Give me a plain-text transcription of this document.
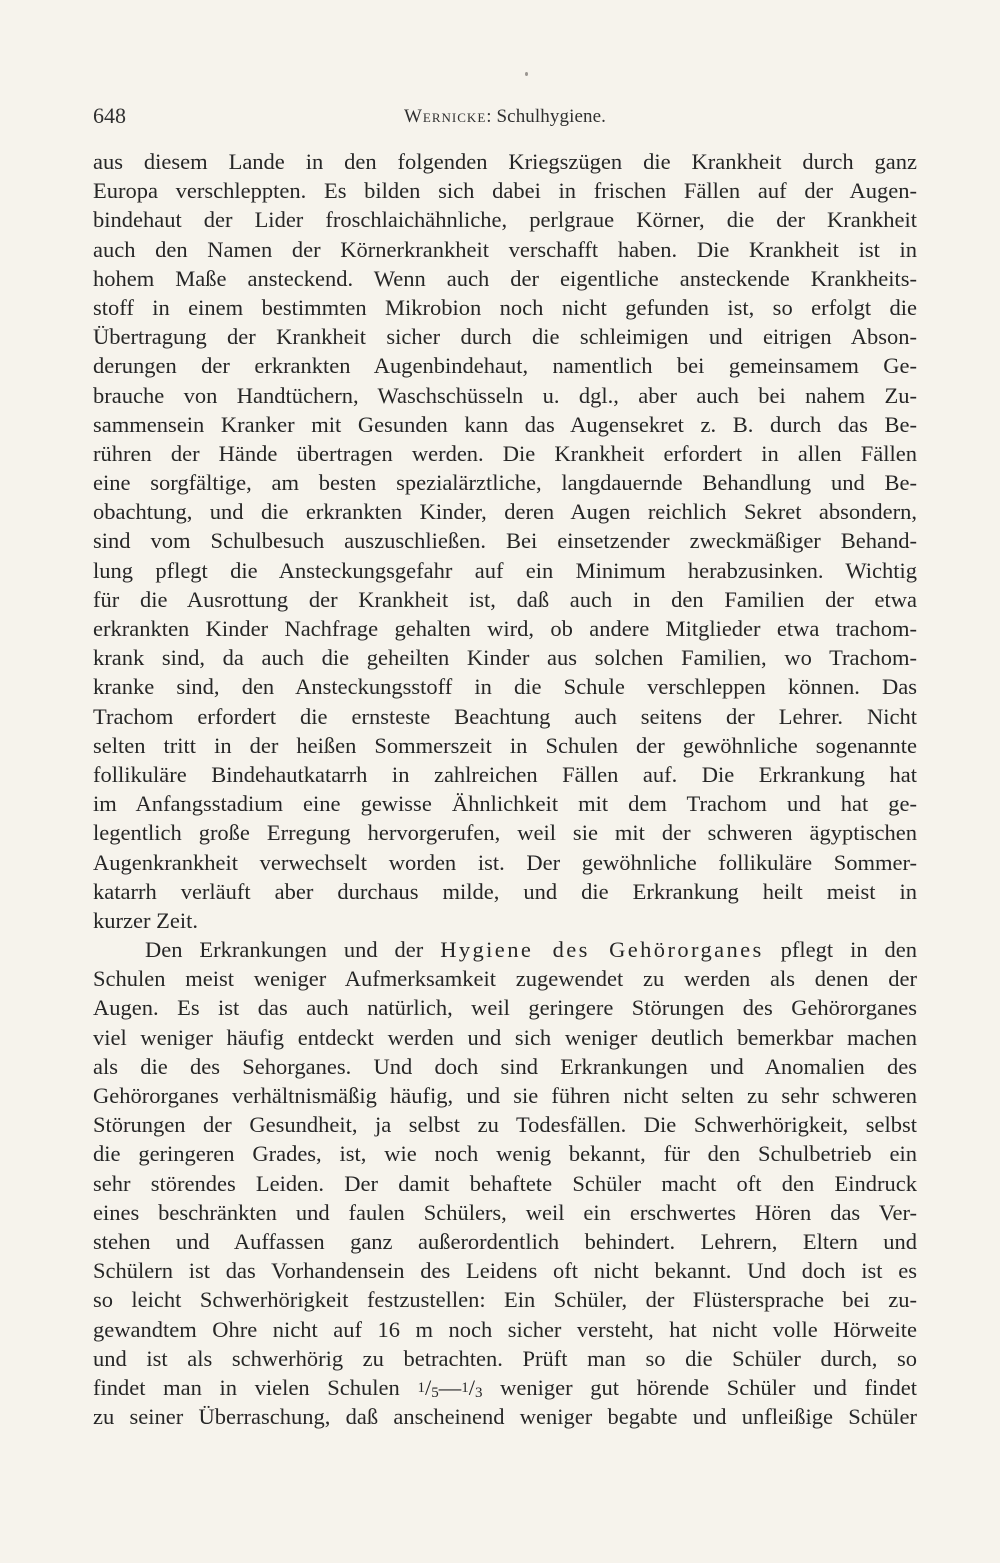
648	Wernicke: Schulhygiene.
aus diesem Lande in den folgenden Kriegszügen die Krankheit durch ganz
Europa verschleppten. Es bilden sich dabei in frischen Fällen auf der Augen-
bindehaut der Lider froschlaichähnliche, perlgraue Körner, die der Krankheit
auch den Namen der Körnerkrankheit verschafft haben. Die Krankheit ist in
hohem Maße ansteckend. Wenn auch der eigentliche ansteckende Krankheits-
stoff in einem bestimmten Mikrobion noch nicht gefunden ist, so erfolgt die
Übertragung der Krankheit sicher durch die schleimigen und eitrigen Abson-
derungen der erkrankten Augenbindehaut, namentlich bei gemeinsamem Ge-
brauche von Handtüchern, Waschschüsseln u. dgl., aber auch bei nahem Zu-
sammensein Kranker mit Gesunden kann das Augensekret z. B. durch das Be-
rühren der Hände übertragen werden. Die Krankheit erfordert in allen Fällen
eine sorgfältige, am besten spezialärztliche, langdauernde Behandlung und Be-
obachtung, und die erkrankten Kinder, deren Augen reichlich Sekret absondern,
sind vom Schulbesuch auszuschließen. Bei einsetzender zweckmäßiger Behand-
lung pflegt die Ansteckungsgefahr auf ein Minimum herabzusinken. Wichtig
für die Ausrottung der Krankheit ist, daß auch in den Familien der etwa
erkrankten Kinder Nachfrage gehalten wird, ob andere Mitglieder etwa trachom-
krank sind, da auch die geheilten Kinder aus solchen Familien, wo Trachom-
kranke sind, den Ansteckungsstoff in die Schule verschleppen können. Das
Trachom erfordert die ernsteste Beachtung auch seitens der Lehrer. Nicht
selten tritt in der heißen Sommerszeit in Schulen der gewöhnliche sogenannte
follikuläre Bindehautkatarrh in zahlreichen Fällen auf. Die Erkrankung hat
im Anfangsstadium eine gewisse Ähnlichkeit mit dem Trachom und hat ge-
legentlich große Erregung hervorgerufen, weil sie mit der schweren ägyptischen
Augenkrankheit verwechselt worden ist. Der gewöhnliche follikuläre Sommer-
katarrh verläuft aber durchaus milde, und die Erkrankung heilt meist in
kurzer Zeit.
Den Erkrankungen und der Hygiene des Gehörorganes pflegt in den
Schulen meist weniger Aufmerksamkeit zugewendet zu werden als denen der
Augen. Es ist das auch natürlich, weil geringere Störungen des Gehörorganes
viel weniger häufig entdeckt werden und sich weniger deutlich bemerkbar machen
als die des Sehorganes. Und doch sind Erkrankungen und Anomalien des
Gehörorganes verhältnismäßig häufig, und sie führen nicht selten zu sehr schweren
Störungen der Gesundheit, ja selbst zu Todesfällen. Die Schwerhörigkeit, selbst
die geringeren Grades, ist, wie noch wenig bekannt, für den Schulbetrieb ein
sehr störendes Leiden. Der damit behaftete Schüler macht oft den Eindruck
eines beschränkten und faulen Schülers, weil ein erschwertes Hören das Ver-
stehen und Auffassen ganz außerordentlich behindert. Lehrern, Eltern und
Schülern ist das Vorhandensein des Leidens oft nicht bekannt. Und doch ist es
so leicht Schwerhörigkeit festzustellen: Ein Schüler, der Flüstersprache bei zu-
gewandtem Ohre nicht auf 16 m noch sicher versteht, hat nicht volle Hörweite
und ist als schwerhörig zu betrachten. Prüft man so die Schüler durch, so
findet man in vielen Schulen 1/5—1/3 weniger gut hörende Schüler und findet
zu seiner Überraschung, daß anscheinend weniger begabte und unfleißige Schüler
